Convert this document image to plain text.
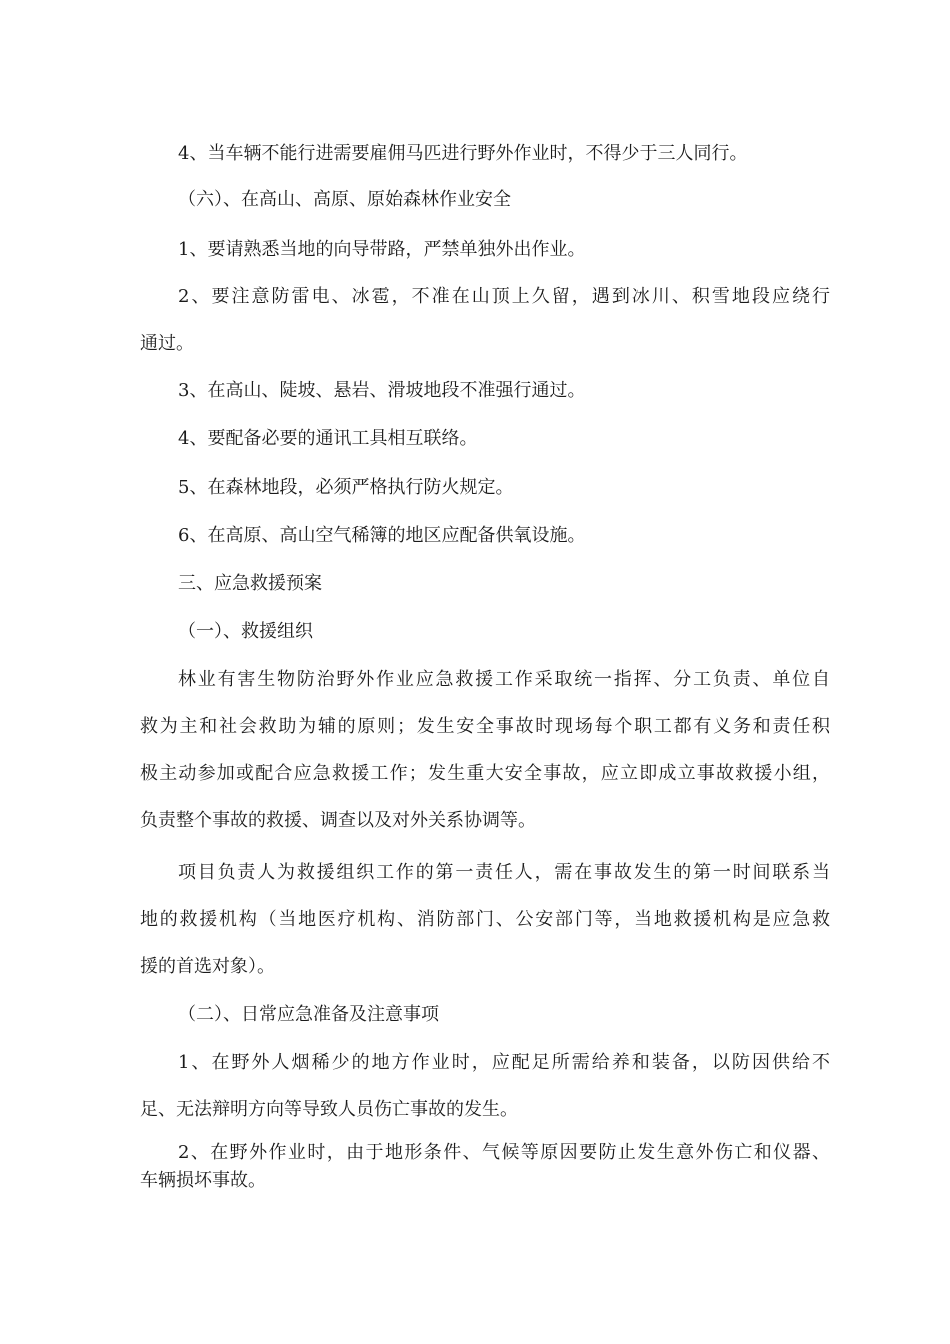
4、当车辆不能行进需要雇佣马匹进行野外作业时，不得少于三人同行。

（六）、在高山、高原、原始森林作业安全

1、要请熟悉当地的向导带路，严禁单独外出作业。

2、要注意防雷电、冰雹，不准在山顶上久留，遇到冰川、积雪地段应绕行
通过。

3、在高山、陡坡、悬岩、滑坡地段不准强行通过。

4、要配备必要的通讯工具相互联络。

5、在森林地段，必须严格执行防火规定。

6、在高原、高山空气稀簿的地区应配备供氧设施。

三、应急救援预案

（一）、救援组织

林业有害生物防治野外作业应急救援工作采取统一指挥、分工负责、单位自
救为主和社会救助为辅的原则；发生安全事故时现场每个职工都有义务和责任积
极主动参加或配合应急救援工作；发生重大安全事故，应立即成立事故救援小组，
负责整个事故的救援、调查以及对外关系协调等。

项目负责人为救援组织工作的第一责任人，需在事故发生的第一时间联系当
地的救援机构（当地医疗机构、消防部门、公安部门等，当地救援机构是应急救
援的首选对象）。

（二）、日常应急准备及注意事项

1、在野外人烟稀少的地方作业时，应配足所需给养和装备，以防因供给不
足、无法辩明方向等导致人员伤亡事故的发生。

2、在野外作业时，由于地形条件、气候等原因要防止发生意外伤亡和仪器、
车辆损坏事故。
